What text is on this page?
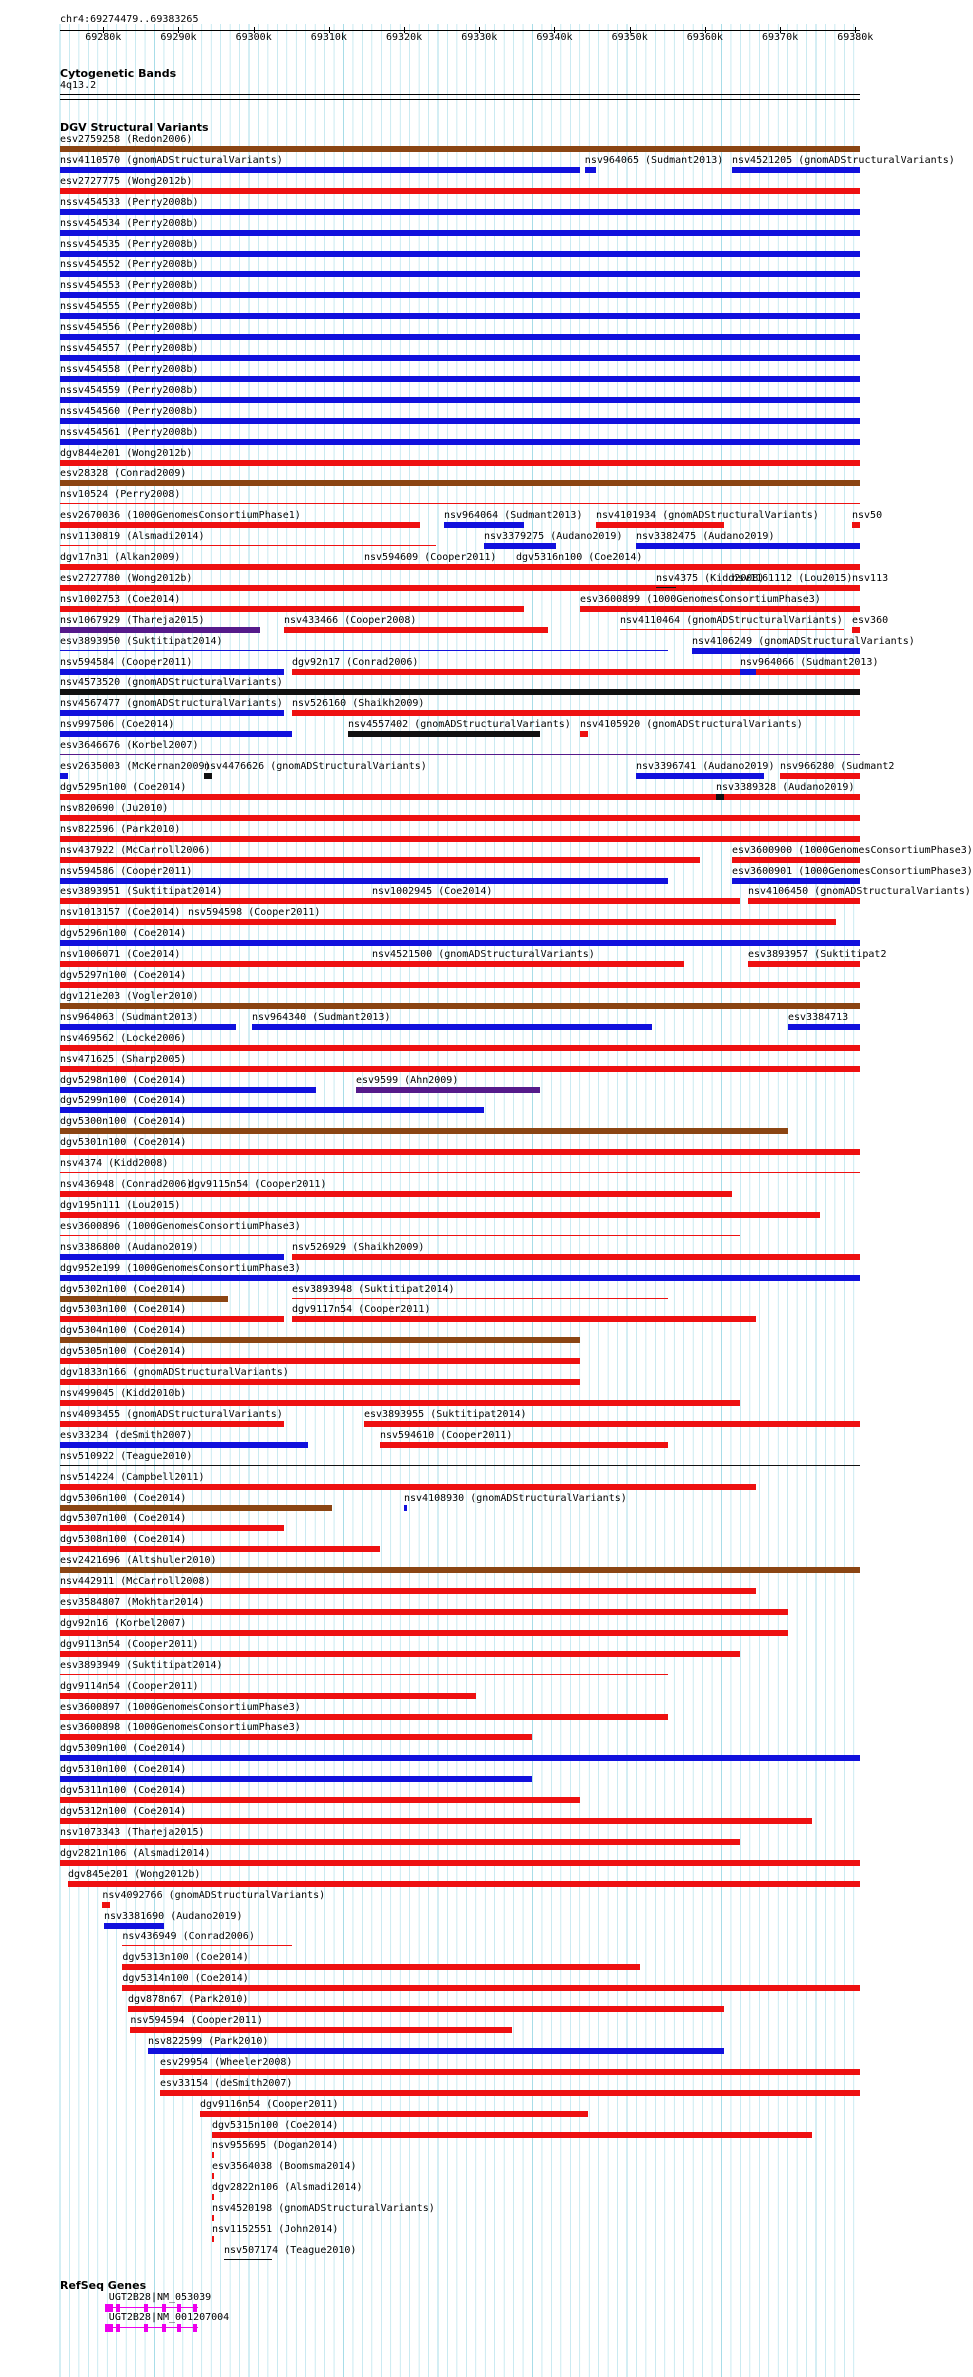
chr4:69274479..69383265
69280k	69290k	69300k	69310k	69320k	69330k	69340k	69350k	69360k	69370k	69380k
Cytogenetic Bands
4q13.2
DGV Structural Variants
esv2759258 (Redon2006)
nsv4110570 (gnomADStructuralVariants)	nsv964065 (Sudmant2013) nsv4521205 (gnomADStructuralVariants)
esv2727775 (Wong2012b)
nssv454533 (Perry2008b)
nssv454534 (Perry2008b)
nssv454535 (Perry2008b)
nssv454552 (Perry2008b)
nssv454553 (Perry2008b)
nssv454555 (Perry2008b)
nssv454556 (Perry2008b)
nssv454557 (Perry2008b)
nssv454558 (Perry2008b)
nssv454559 (Perry2008b)
nssv454560 (Perry2008b)
nssv454561 (Perry2008b)
dgv844e201 (Wong2012b)
esv28328 (Conrad2009)
nsv10524 (Perry2008)
esv2670036 (1000GenomesConsortiumPhase1)	nsv964064 (Sudmant2013) nsv4101934 (gnomADStructuralVariants)	nsv50
nsv1130819 (Alsmadi2014)	nsv3379275 (Audano2019) nsv3382475 (Audano2019)
dgv17n31 (Alkan2009)	nsv594609 (Cooper2011) dgv5316n100 (Coe2014)
esv2727780 (Wong2012b)	nsv4375 (Kidd2008)
nsv1161112 (Lou2015) nsv113
nsv1002753 (Coe2014)	esv3600899 (1000GenomesConsortiumPhase3)
nsv1067929 (Thareja2015)	nsv433466 (Cooper2008)	nsv4110464 (gnomADStructuralVariants) esv360
esv3893950 (Suktitipat2014)	nsv4106249 (gnomADStructuralVariants)
nsv594584 (Cooper2011)	dgv92n17 (Conrad2006)	nsv964066 (Sudmant2013)
nsv4573520 (gnomADStructuralVariants)
nsv4567477 (gnomADStructuralVariants) nsv526160 (Shaikh2009)
nsv997506 (Coe2014)	nsv4557402 (gnomADStructuralVariants) nsv4105920 (gnomADStructuralVariants)
esv3646676 (Korbel2007)
esv2635003 (McKernan2009)
nsv4476626 (gnomADStructuralVariants)	nsv3396741 (Audano2019) nsv966280 (Sudmant2
dgv5295n100 (Coe2014)	nsv3389328 (Audano2019)
nsv820690 (Ju2010)
nsv822596 (Park2010)
nsv437922 (McCarroll2006)	esv3600900 (1000GenomesConsortiumPhase3)
nsv594586 (Cooper2011)	esv3600901 (1000GenomesConsortiumPhase3)
esv3893951 (Suktitipat2014)	nsv1002945 (Coe2014)	nsv4106450 (gnomADStructuralVariants)
nsv1013157 (Coe2014) nsv594598 (Cooper2011)
dgv5296n100 (Coe2014)
nsv1006071 (Coe2014)	nsv4521500 (gnomADStructuralVariants)	esv3893957 (Suktitipat2
dgv5297n100 (Coe2014)
dgv121e203 (Vogler2010)
nsv964063 (Sudmant2013)	nsv964340 (Sudmant2013)	esv3384713
nsv469562 (Locke2006)
nsv471625 (Sharp2005)
dgv5298n100 (Coe2014)	esv9599 (Ahn2009)
dgv5299n100 (Coe2014)
dgv5300n100 (Coe2014)
dgv5301n100 (Coe2014)
nsv4374 (Kidd2008)
nsv436948 (Conrad2006)
dgv9115n54 (Cooper2011)
dgv195n111 (Lou2015)
esv3600896 (1000GenomesConsortiumPhase3)
nsv3386800 (Audano2019)	nsv526929 (Shaikh2009)
dgv952e199 (1000GenomesConsortiumPhase3)
dgv5302n100 (Coe2014)	esv3893948 (Suktitipat2014)
dgv5303n100 (Coe2014)	dgv9117n54 (Cooper2011)
dgv5304n100 (Coe2014)
dgv5305n100 (Coe2014)
dgv1833n166 (gnomADStructuralVariants)
nsv499045 (Kidd2010b)
nsv4093455 (gnomADStructuralVariants)	esv3893955 (Suktitipat2014)
esv33234 (deSmith2007)	nsv594610 (Cooper2011)
nsv510922 (Teague2010)
nsv514224 (Campbell2011)
dgv5306n100 (Coe2014)	nsv4108930 (gnomADStructuralVariants)
dgv5307n100 (Coe2014)
dgv5308n100 (Coe2014)
esv2421696 (Altshuler2010)
nsv442911 (McCarroll2008)
esv3584807 (Mokhtar2014)
dgv92n16 (Korbel2007)
dgv9113n54 (Cooper2011)
esv3893949 (Suktitipat2014)
dgv9114n54 (Cooper2011)
esv3600897 (1000GenomesConsortiumPhase3)
esv3600898 (1000GenomesConsortiumPhase3)
dgv5309n100 (Coe2014)
dgv5310n100 (Coe2014)
dgv5311n100 (Coe2014)
dgv5312n100 (Coe2014)
nsv1073343 (Thareja2015)
dgv2821n106 (Alsmadi2014)
dgv845e201 (Wong2012b)
nsv4092766 (gnomADStructuralVariants)
nsv3381690 (Audano2019)
nsv436949 (Conrad2006)
dgv5313n100 (Coe2014)
dgv5314n100 (Coe2014)
dgv878n67 (Park2010)
nsv594594 (Cooper2011)
nsv822599 (Park2010)
esv29954 (Wheeler2008)
esv33154 (deSmith2007)
dgv9116n54 (Cooper2011)
dgv5315n100 (Coe2014)
nsv955695 (Dogan2014)
esv3564038 (Boomsma2014)
dgv2822n106 (Alsmadi2014)
nsv4520198 (gnomADStructuralVariants)
nsv1152551 (John2014)
nsv507174 (Teague2010)
RefSeq Genes
UGT2B28|NM_053039
UGT2B28|NM_001207004
